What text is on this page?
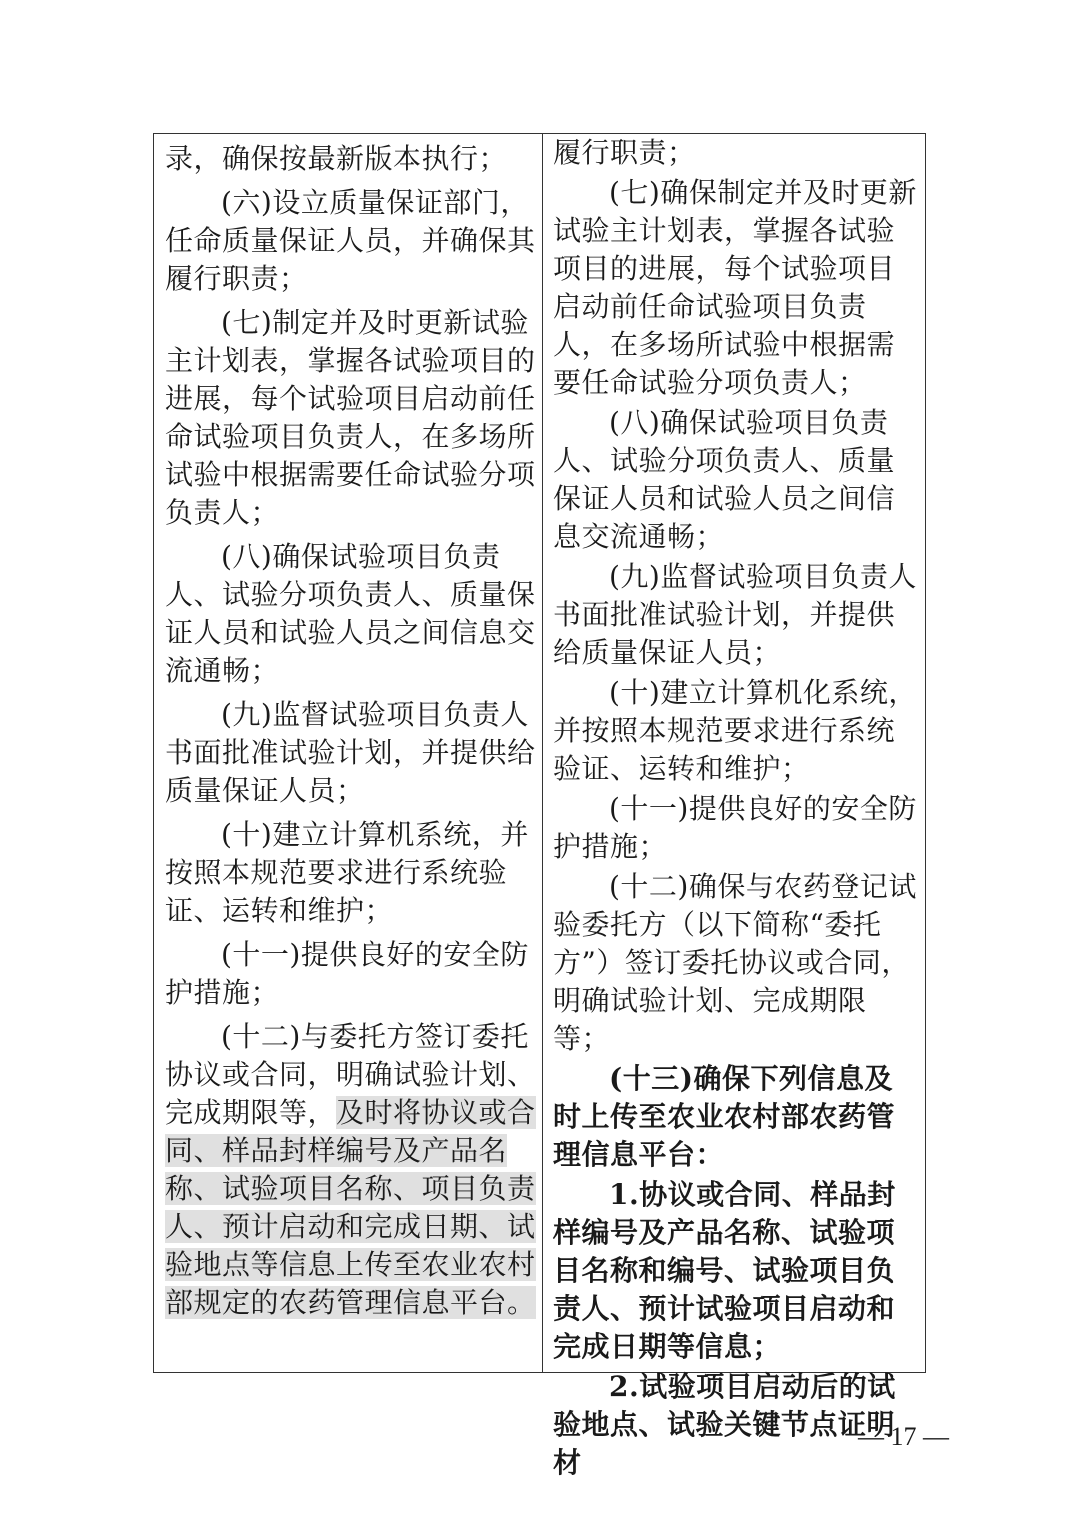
录，确保按最新版本执行；

(六)设立质量保证部门，任命质量保证人员，并确保其履行职责；

(七)制定并及时更新试验主计划表，掌握各试验项目的进展，每个试验项目启动前任命试验项目负责人，在多场所试验中根据需要任命试验分项负责人；

(八)确保试验项目负责人、试验分项负责人、质量保证人员和试验人员之间信息交流通畅；

(九)监督试验项目负责人书面批准试验计划，并提供给质量保证人员；

(十)建立计算机系统，并按照本规范要求进行系统验证、运转和维护；

(十一)提供良好的安全防护措施；

(十二)与委托方签订委托协议或合同，明确试验计划、完成期限等，及时将协议或合同、样品封样编号及产品名称、试验项目名称、项目负责人、预计启动和完成日期、试验地点等信息上传至农业农村部规定的农药管理信息平台。

履行职责；

(七)确保制定并及时更新试验主计划表，掌握各试验项目的进展，每个试验项目启动前任命试验项目负责人，在多场所试验中根据需要任命试验分项负责人；

(八)确保试验项目负责人、试验分项负责人、质量保证人员和试验人员之间信息交流通畅；

(九)监督试验项目负责人书面批准试验计划，并提供给质量保证人员；

(十)建立计算机化系统，并按照本规范要求进行系统验证、运转和维护；

(十一)提供良好的安全防护措施；

(十二)确保与农药登记试验委托方（以下简称“委托方”）签订委托协议或合同，明确试验计划、完成期限等；

(十三)确保下列信息及时上传至农业农村部农药管理信息平台：

1.协议或合同、样品封样编号及产品名称、试验项目名称和编号、试验项目负责人、预计试验项目启动和完成日期等信息；

2.试验项目启动后的试验地点、试验关键节点证明材

— 17 —
